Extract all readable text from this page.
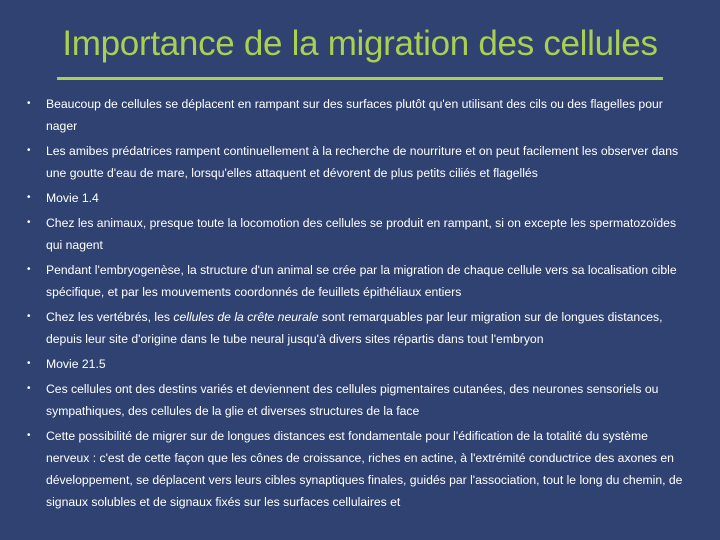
Importance de la migration des cellules
• Beaucoup de cellules se déplacent en rampant sur des surfaces plutôt qu'en utilisant des cils ou des flagelles pour nager
• Les amibes prédatrices rampent continuellement à la recherche de nourriture et on peut facilement les observer dans une goutte d'eau de mare, lorsqu'elles attaquent et dévorent de plus petits ciliés et flagellés
• Movie 1.4
• Chez les animaux, presque toute la locomotion des cellules se produit en rampant, si on excepte les spermatozoïdes qui nagent
• Pendant l'embryogenèse, la structure d'un animal se crée par la migration de chaque cellule vers sa localisation cible spécifique, et par les mouvements coordonnés de feuillets épithéliaux entiers
• Chez les vertébrés, les cellules de la crête neurale sont remarquables par leur migration sur de longues distances, depuis leur site d'origine dans le tube neural jusqu'à divers sites répartis dans tout l'embryon
• Movie 21.5
• Ces cellules ont des destins variés et deviennent des cellules pigmentaires cutanées, des neurones sensoriels ou sympathiques, des cellules de la glie et diverses structures de la face
• Cette possibilité de migrer sur de longues distances est fondamentale pour l'édification de la totalité du système nerveux : c'est de cette façon que les cônes de croissance, riches en actine, à l'extrémité conductrice des axones en développement, se déplacent vers leurs cibles synaptiques finales, guidés par l'association, tout le long du chemin, de signaux solubles et de signaux fixés sur les surfaces cellulaires et
